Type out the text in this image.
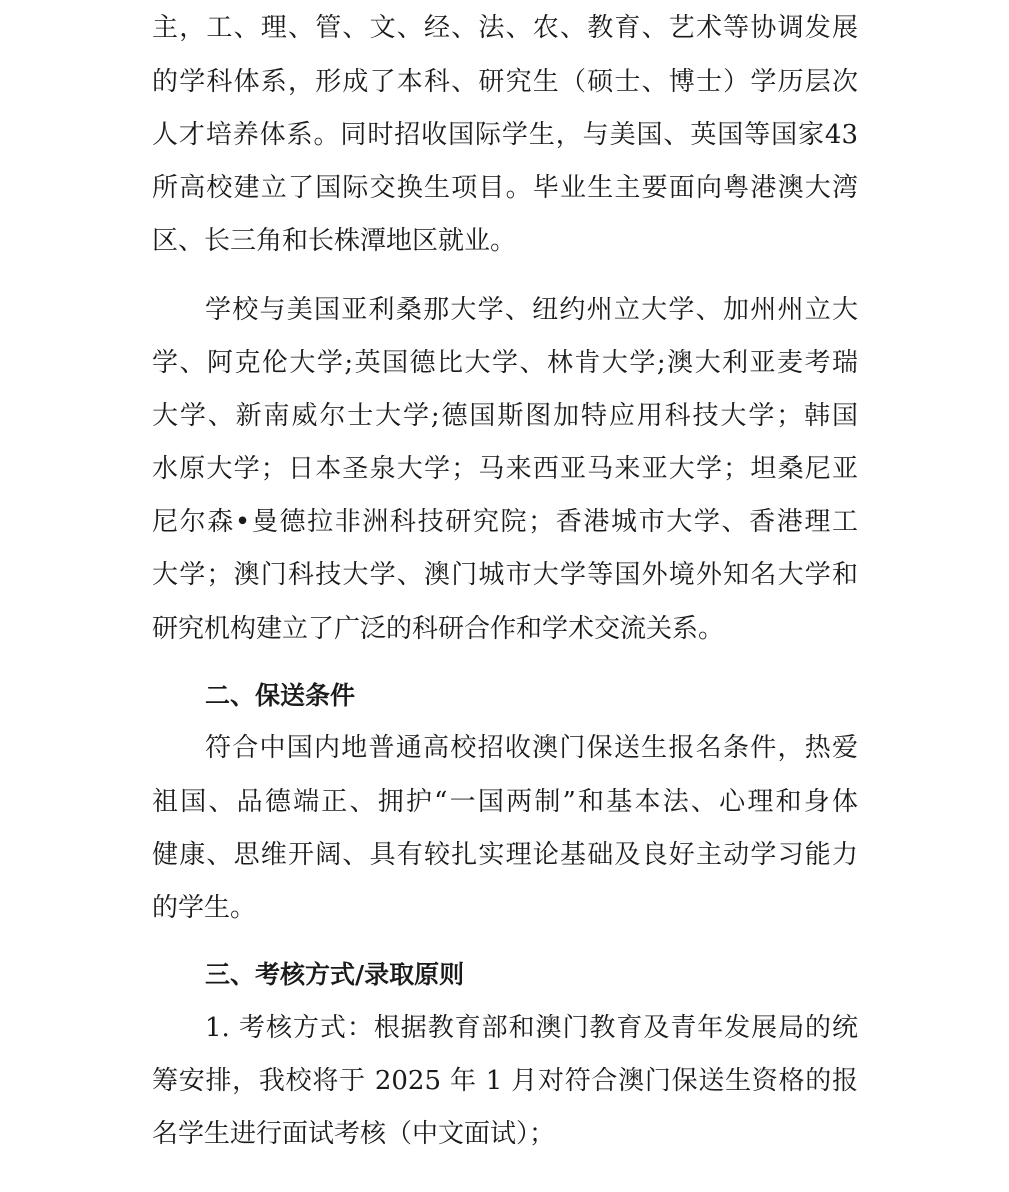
主，工、理、管、文、经、法、农、教育、艺术等协调发展
的学科体系，形成了本科、研究生（硕士、博士）学历层次
人才培养体系。同时招收国际学生，与美国、英国等国家43
所高校建立了国际交换生项目。毕业生主要面向粤港澳大湾
区、长三角和长株潭地区就业。
学校与美国亚利桑那大学、纽约州立大学、加州州立大
学、阿克伦大学;英国德比大学、林肯大学;澳大利亚麦考瑞
大学、新南威尔士大学;德国斯图加特应用科技大学；韩国
水原大学；日本圣泉大学；马来西亚马来亚大学；坦桑尼亚
尼尔森•曼德拉非洲科技研究院；香港城市大学、香港理工
大学；澳门科技大学、澳门城市大学等国外境外知名大学和
研究机构建立了广泛的科研合作和学术交流关系。
二、保送条件
符合中国内地普通高校招收澳门保送生报名条件，热爱
祖国、品德端正、拥护“一国两制”和基本法、心理和身体
健康、思维开阔、具有较扎实理论基础及良好主动学习能力
的学生。
三、考核方式/录取原则
1. 考核方式：根据教育部和澳门教育及青年发展局的统
筹安排，我校将于 2025 年 1 月对符合澳门保送生资格的报
名学生进行面试考核（中文面试）；
